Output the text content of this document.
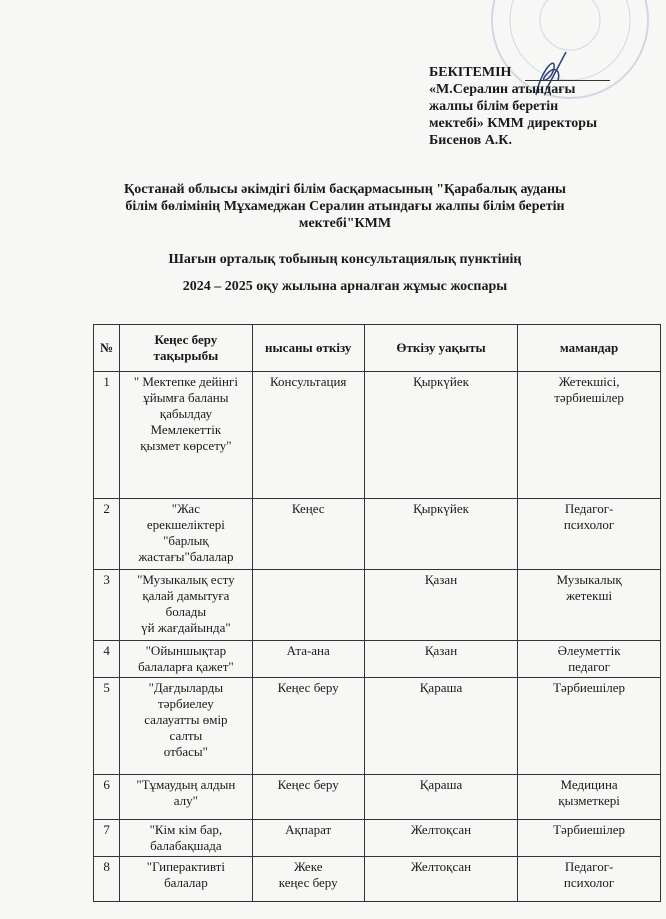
БЕКІТЕМІН
«М.Сералин атындағы
жалпы білім беретін
мектебі» КММ директоры
Бисенов А.К.
Қостанай облысы әкімдігі білім басқармасының "Қарабалық ауданы
білім бөлімінің Мұхамеджан Сералин атындағы жалпы білім беретін
мектебі"КММ
Шағын орталық тобының консультациялық пунктінің
2024 – 2025 оқу жылына арналған жұмыс жоспары
№	Кеңес беру тақырыбы	нысаны өткізу	Өткізу уақыты	мамандар
1	" Мектепке дейінгі
ұйымға баланы
қабылдау
Мемлекеттік
қызмет көрсету"	Консультация	Қыркүйек	Жетекшісі,
тәрбиешілер

2	"Жас
ерекшеліктері
"барлық
жастағы"балалар	Кеңес	Қыркүйек	Педагог-
психолог

3	"Музыкалық есту
қалай дамытуға
болады
үй жағдайында"		Қазан	Музыкалық
жетекші

4	"Ойыншықтар
балаларға қажет"	Ата-ана	Қазан	Әлеуметтік
педагог

5	"Дағдыларды
тәрбиелеу
салауатты өмір
салты
отбасы"	Кеңес беру	Қараша	Тәрбиешілер

6	"Тұмаудың алдын
алу"	Кеңес беру	Қараша	Медицина
қызметкері

7	"Кім кім бар,
балабақшада	Ақпарат	Желтоқсан	Тәрбиешілер

8	"Гиперактивті
балалар	Жеке
кеңес беру	Желтоқсан	Педагог-
психолог
